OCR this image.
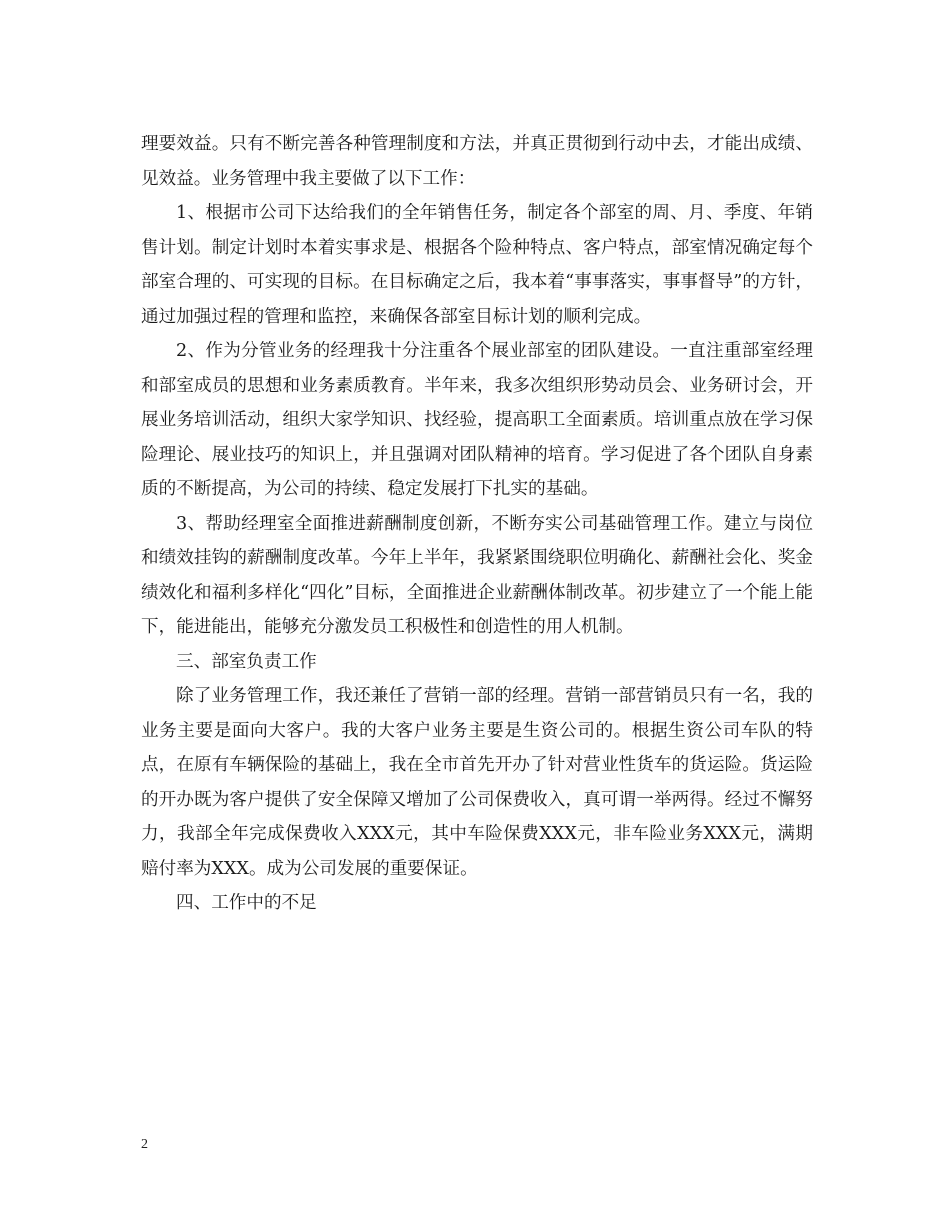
理要效益。只有不断完善各种管理制度和方法，并真正贯彻到行动中去，才能出成绩、见效益。业务管理中我主要做了以下工作：

1、根据市公司下达给我们的全年销售任务，制定各个部室的周、月、季度、年销售计划。制定计划时本着实事求是、根据各个险种特点、客户特点，部室情况确定每个部室合理的、可实现的目标。在目标确定之后，我本着“事事落实，事事督导”的方针，通过加强过程的管理和监控，来确保各部室目标计划的顺利完成。

2、作为分管业务的经理我十分注重各个展业部室的团队建设。一直注重部室经理和部室成员的思想和业务素质教育。半年来，我多次组织形势动员会、业务研讨会，开展业务培训活动，组织大家学知识、找经验，提高职工全面素质。培训重点放在学习保险理论、展业技巧的知识上，并且强调对团队精神的培育。学习促进了各个团队自身素质的不断提高，为公司的持续、稳定发展打下扎实的基础。

3、帮助经理室全面推进薪酬制度创新，不断夯实公司基础管理工作。建立与岗位和绩效挂钩的薪酬制度改革。今年上半年，我紧紧围绕职位明确化、薪酬社会化、奖金绩效化和福利多样化“四化”目标，全面推进企业薪酬体制改革。初步建立了一个能上能下，能进能出，能够充分激发员工积极性和创造性的用人机制。

三、部室负责工作

除了业务管理工作，我还兼任了营销一部的经理。营销一部营销员只有一名，我的业务主要是面向大客户。我的大客户业务主要是生资公司的。根据生资公司车队的特点，在原有车辆保险的基础上，我在全市首先开办了针对营业性货车的货运险。货运险的开办既为客户提供了安全保障又增加了公司保费收入，真可谓一举两得。经过不懈努力，我部全年完成保费收入XXX元，其中车险保费XXX元，非车险业务XXX元，满期赔付率为XXX。成为公司发展的重要保证。

四、工作中的不足

2
